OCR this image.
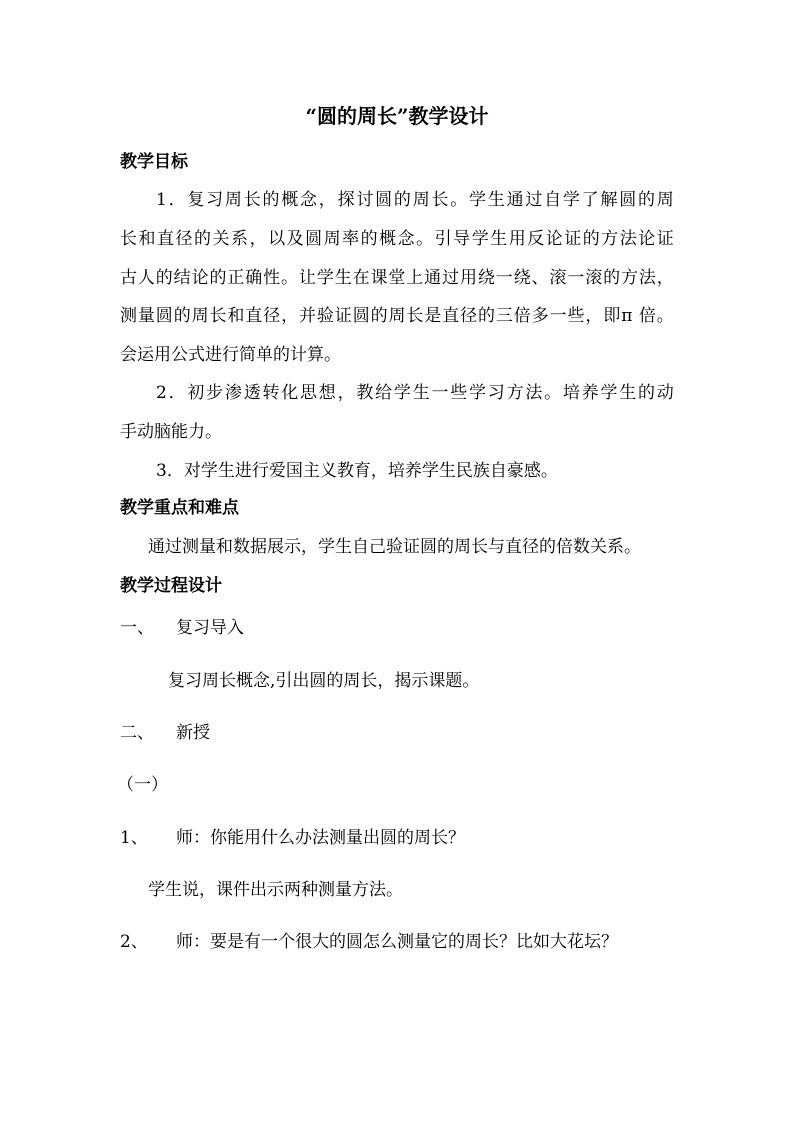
“圆的周长”教学设计
教学目标
1．复习周长的概念，探讨圆的周长。学生通过自学了解圆的周
长和直径的关系，以及圆周率的概念。引导学生用反论证的方法论证
古人的结论的正确性。让学生在课堂上通过用绕一绕、滚一滚的方法，
测量圆的周长和直径，并验证圆的周长是直径的三倍多一些，即π 倍。
会运用公式进行简单的计算。
2．初步渗透转化思想，教给学生一些学习方法。培养学生的动
手动脑能力。
3．对学生进行爱国主义教育，培养学生民族自豪感。
教学重点和难点
通过测量和数据展示，学生自己验证圆的周长与直径的倍数关系。
教学过程设计
一、 复习导入
复习周长概念,引出圆的周长，揭示课题。
二、 新授
（一）
1、 师：你能用什么办法测量出圆的周长？
学生说，课件出示两种测量方法。
2、 师：要是有一个很大的圆怎么测量它的周长？比如大花坛？
